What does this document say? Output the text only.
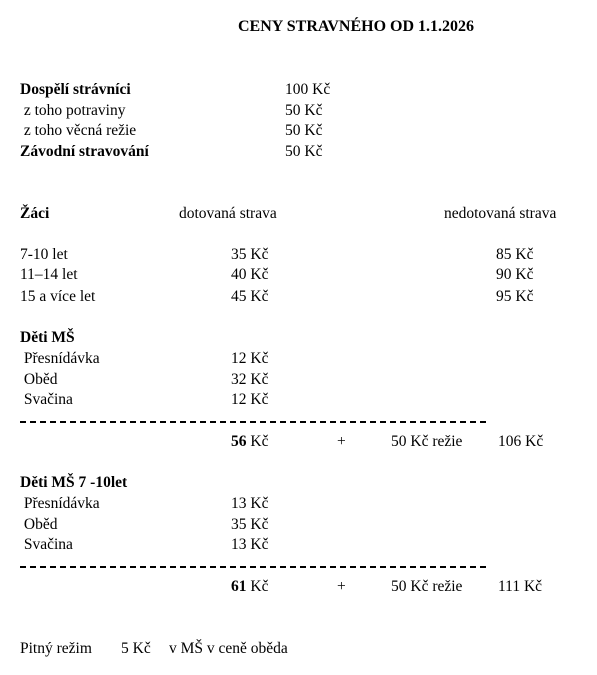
CENY STRAVNÉHO OD 1.1.2026
Dospělí strávníci	100 Kč
z toho potraviny	50 Kč
z toho věcná režie	50 Kč
Závodní stravování	50 Kč
Žáci	dotovaná strava	nedotovaná strava
7-10 let	35 Kč	85 Kč
11–14 let	40 Kč	90 Kč
15 a více let	45 Kč	95 Kč
Děti MŠ
Přesnídávka	12 Kč
Oběd	32 Kč
Svačina	12 Kč
56 Kč	+	50 Kč režie 106 Kč
Děti MŠ 7 -10let
Přesnídávka	13 Kč
Oběd	35 Kč
Svačina	13 Kč
61 Kč	+	50 Kč režie 111 Kč
Pitný režim 5 Kč v MŠ v ceně oběda
